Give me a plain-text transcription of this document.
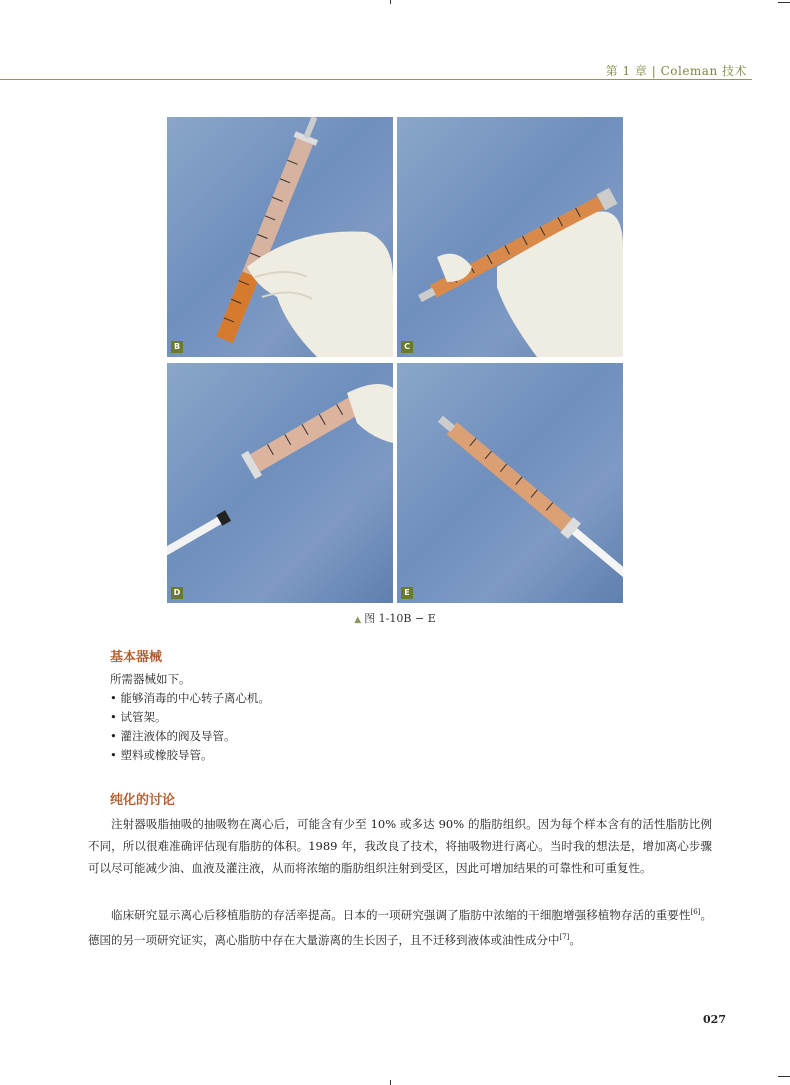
第 1 章 | Coleman 技术
B	C
D	E
▲ 图 1-10B − E
基本器械
所需器械如下。
• 能够消毒的中心转子离心机。
• 试管架。
• 灌注液体的阀及导管。
• 塑料或橡胶导管。
纯化的讨论
注射器吸脂抽吸的抽吸物在离心后，可能含有少至 10% 或多达 90% 的脂肪组织。因为每个样本含有的活性脂肪比例不同，所以很难准确评估现有脂肪的体积。1989 年，我改良了技术，将抽吸物进行离心。当时我的想法是，增加离心步骤可以尽可能减少油、血液及灌注液，从而将浓缩的脂肪组织注射到受区，因此可增加结果的可靠性和可重复性。
临床研究显示离心后移植脂肪的存活率提高。日本的一项研究强调了脂肪中浓缩的干细胞增强移植物存活的重要性[6]。德国的另一项研究证实，离心脂肪中存在大量游离的生长因子，且不迁移到液体或油性成分中[7]。
027
